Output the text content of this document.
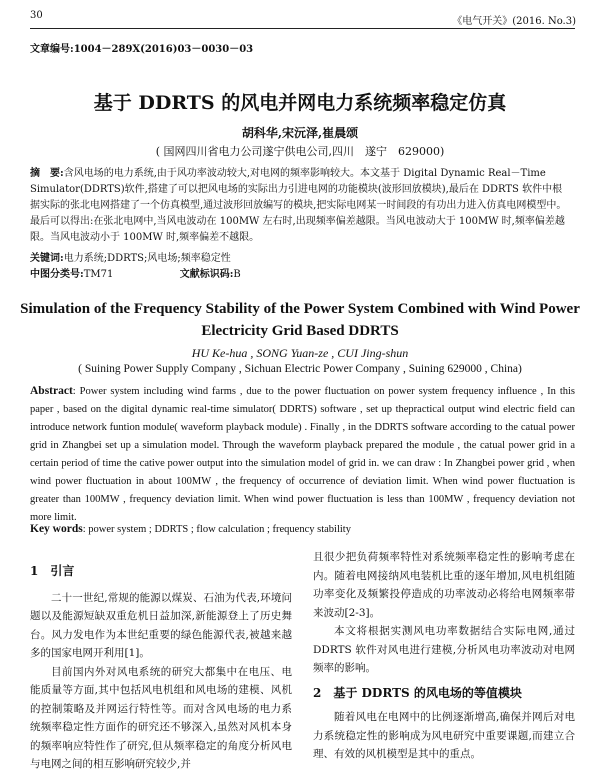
30
《电气开关》(2016. No.3)
文章编号:1004－289X(2016)03－0030－03
基于 DDRTS 的风电并网电力系统频率稳定仿真
胡科华,宋沅泽,崔晨颂
( 国网四川省电力公司遂宁供电公司,四川　遂宁　629000)
摘　要:含风电场的电力系统,由于风功率波动较大,对电网的频率影响较大。本文基于 Digital Dynamic Real－Time Simulator(DDRTS)软件,搭建了可以把风电场的实际出力引进电网的功能模块(波形回放模块),最后在 DDRTS 软件中根据实际的张北电网搭建了一个仿真模型,通过波形回放编写的模块,把实际电网某一时间段的有功出力进入仿真电网模型中。最后可以得出:在张北电网中,当风电波动在 100MW 左右时,出现频率偏差越限。当风电波动大于 100MW 时,频率偏差越限。当风电波动小于 100MW 时,频率偏差不越限。
关键词:电力系统;DDRTS;风电场;频率稳定性
中图分类号:TM71	文献标识码:B
Simulation of the Frequency Stability of the Power System Combined with Wind Power Electricity Grid Based DDRTS
HU Ke-hua , SONG Yuan-ze , CUI Jing-shun
( Suining Power Supply Company , Sichuan Electric Power Company , Suining 629000 , China)
Abstract: Power system including wind farms , due to the power fluctuation on power system frequency influence , In this paper , based on the digital dynamic real-time simulator( DDRTS) software , set up thepractical output wind electric field can introduce network funtion module( waveform playback module) . Finally , in the DDRTS software according to the catual power grid in Zhangbei set up a simulation model. Through the waveform playback prepared the module , the catual power grid in a certain period of time the cative power output into the simulation model of grid in. we can draw : In Zhangbei power grid , when wind power fluctuation in about 100MW , the frequency of occurrence of deviation limit. When wind power fluctuation is greater than 100MW , frequency deviation limit. When wind power fluctuation is less than 100MW , frequency deviation not more limit.
Key words: power system ; DDRTS ; flow calculation ; frequency stability
1　引言
二十一世纪,常规的能源以煤炭、石油为代表,环境问题以及能源短缺双重危机日益加深,新能源登上了历史舞台。风力发电作为本世纪重要的绿色能源代表,被越来越多的国家电网开利用[1]。
目前国内外对风电系统的研究大都集中在电压、电能质量等方面,其中包括风电机组和风电场的建模、风机的控制策略及并网运行特性等。而对含风电场的电力系统频率稳定性方面作的研究还不够深入,虽然对风机本身的频率响应特性作了研究,但从频率稳定的角度分析风电与电网之间的相互影响研究较少,并
且很少把负荷频率特性对系统频率稳定性的影响考虑在内。随着电网接纳风电装机比重的逐年增加,风电机组随功率变化及频繁投停造成的功率波动必将给电网频率带来波动[2-3]。
本文将根据实测风电功率数据结合实际电网,通过 DDRTS 软件对风电进行建模,分析风电功率波动对电网频率的影响。
2　基于 DDRTS 的风电场的等值模块
随着风电在电网中的比例逐渐增高,确保并网后对电力系统稳定性的影响成为风电研究中重要课题,而建立合理、有效的风机模型是其中的重点。
